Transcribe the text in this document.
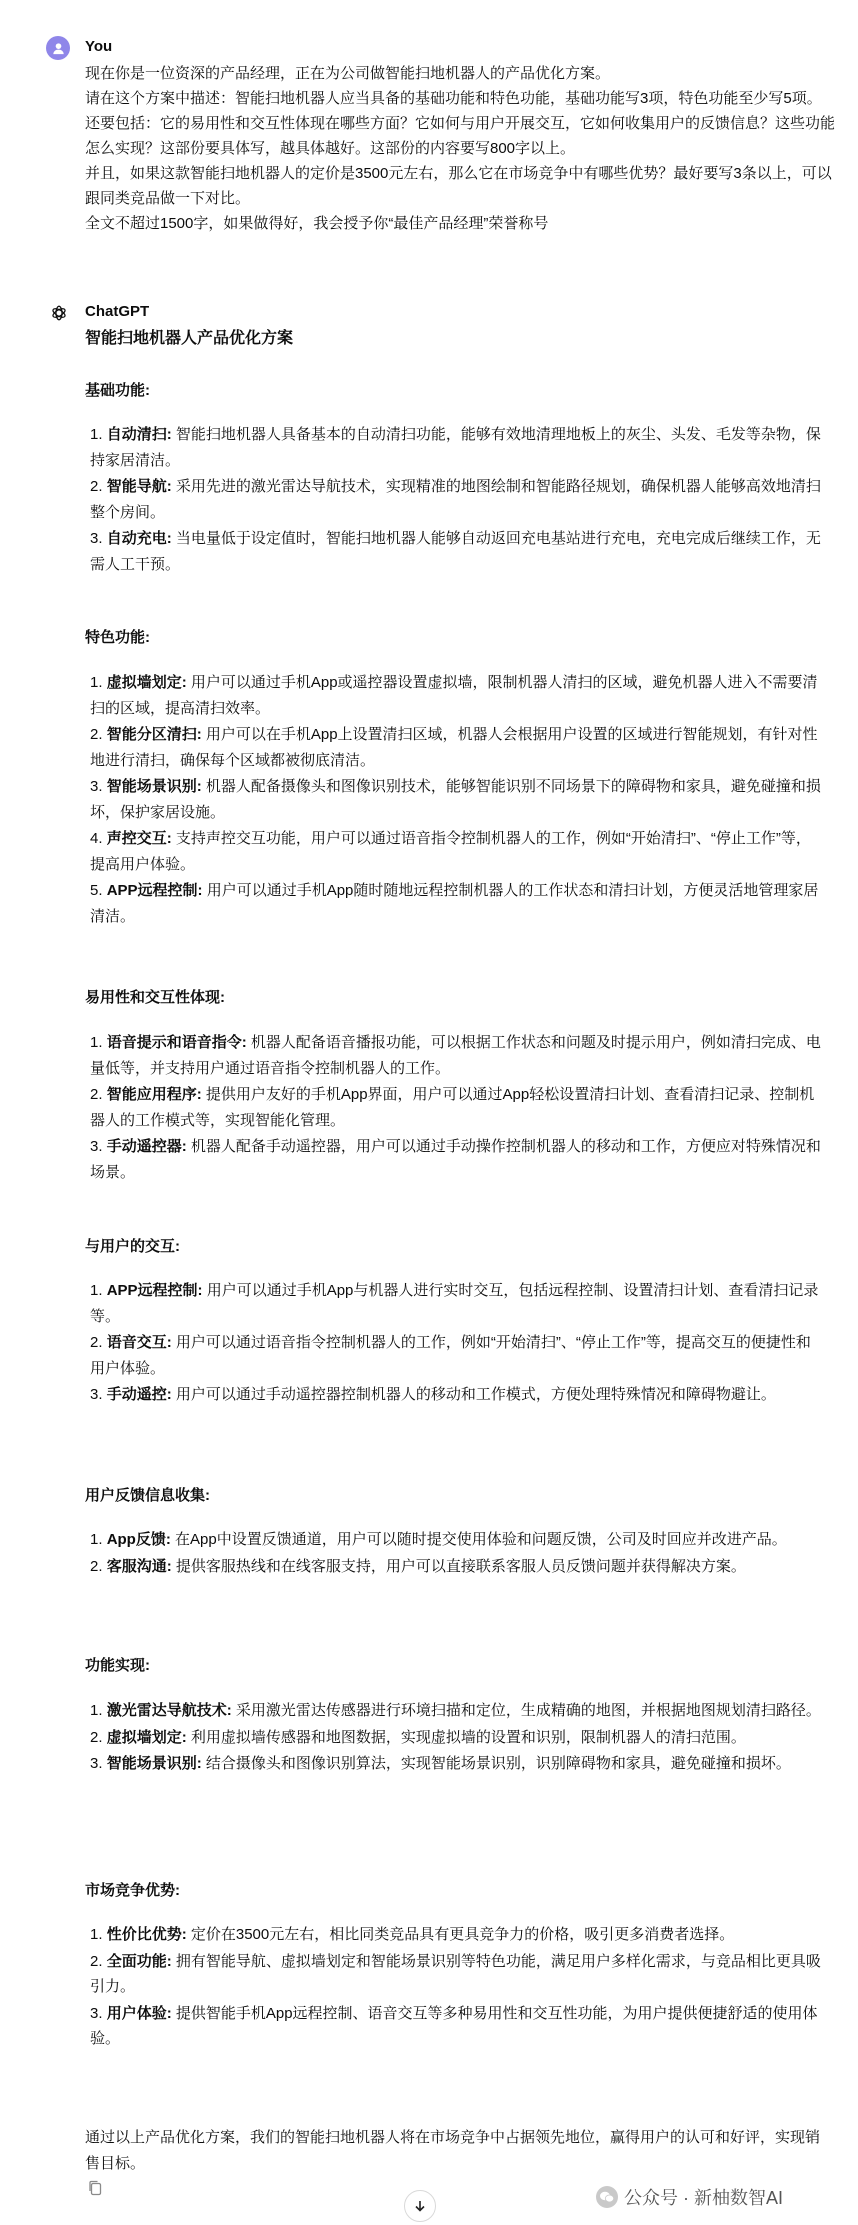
You
现在你是一位资深的产品经理，正在为公司做智能扫地机器人的产品优化方案。
请在这个方案中描述：智能扫地机器人应当具备的基础功能和特色功能，基础功能写3项，特色功能至少写5项。
还要包括：它的易用性和交互性体现在哪些方面？它如何与用户开展交互，它如何收集用户的反馈信息？这些功能怎么实现？这部份要具体写，越具体越好。这部份的内容要写800字以上。
并且，如果这款智能扫地机器人的定价是3500元左右，那么它在市场竞争中有哪些优势？最好要写3条以上，可以跟同类竞品做一下对比。
全文不超过1500字，如果做得好，我会授予你“最佳产品经理”荣誉称号
ChatGPT
智能扫地机器人产品优化方案
基础功能:
1. 自动清扫: 智能扫地机器人具备基本的自动清扫功能，能够有效地清理地板上的灰尘、头发、毛发等杂物，保持家居清洁。
2. 智能导航: 采用先进的激光雷达导航技术，实现精准的地图绘制和智能路径规划，确保机器人能够高效地清扫整个房间。
3. 自动充电: 当电量低于设定值时，智能扫地机器人能够自动返回充电基站进行充电，充电完成后继续工作，无需人工干预。
特色功能:
1. 虚拟墙划定: 用户可以通过手机App或遥控器设置虚拟墙，限制机器人清扫的区域，避免机器人进入不需要清扫的区域，提高清扫效率。
2. 智能分区清扫: 用户可以在手机App上设置清扫区域，机器人会根据用户设置的区域进行智能规划，有针对性地进行清扫，确保每个区域都被彻底清洁。
3. 智能场景识别: 机器人配备摄像头和图像识别技术，能够智能识别不同场景下的障碍物和家具，避免碰撞和损坏，保护家居设施。
4. 声控交互: 支持声控交互功能，用户可以通过语音指令控制机器人的工作，例如“开始清扫”、“停止工作”等，提高用户体验。
5. APP远程控制: 用户可以通过手机App随时随地远程控制机器人的工作状态和清扫计划，方便灵活地管理家居清洁。
易用性和交互性体现:
1. 语音提示和语音指令: 机器人配备语音播报功能，可以根据工作状态和问题及时提示用户，例如清扫完成、电量低等，并支持用户通过语音指令控制机器人的工作。
2. 智能应用程序: 提供用户友好的手机App界面，用户可以通过App轻松设置清扫计划、查看清扫记录、控制机器人的工作模式等，实现智能化管理。
3. 手动遥控器: 机器人配备手动遥控器，用户可以通过手动操作控制机器人的移动和工作，方便应对特殊情况和场景。
与用户的交互:
1. APP远程控制: 用户可以通过手机App与机器人进行实时交互，包括远程控制、设置清扫计划、查看清扫记录等。
2. 语音交互: 用户可以通过语音指令控制机器人的工作，例如“开始清扫”、“停止工作”等，提高交互的便捷性和用户体验。
3. 手动遥控: 用户可以通过手动遥控器控制机器人的移动和工作模式，方便处理特殊情况和障碍物避让。
用户反馈信息收集:
1. App反馈: 在App中设置反馈通道，用户可以随时提交使用体验和问题反馈，公司及时回应并改进产品。
2. 客服沟通: 提供客服热线和在线客服支持，用户可以直接联系客服人员反馈问题并获得解决方案。
功能实现:
1. 激光雷达导航技术: 采用激光雷达传感器进行环境扫描和定位，生成精确的地图，并根据地图规划清扫路径。
2. 虚拟墙划定: 利用虚拟墙传感器和地图数据，实现虚拟墙的设置和识别，限制机器人的清扫范围。
3. 智能场景识别: 结合摄像头和图像识别算法，实现智能场景识别，识别障碍物和家具，避免碰撞和损坏。
市场竞争优势:
1. 性价比优势: 定价在3500元左右，相比同类竞品具有更具竞争力的价格，吸引更多消费者选择。
2. 全面功能: 拥有智能导航、虚拟墙划定和智能场景识别等特色功能，满足用户多样化需求，与竞品相比更具吸引力。
3. 用户体验: 提供智能手机App远程控制、语音交互等多种易用性和交互性功能，为用户提供便捷舒适的使用体验。
通过以上产品优化方案，我们的智能扫地机器人将在市场竞争中占据领先地位，赢得用户的认可和好评，实现销售目标。
公众号 · 新柚数智AI
